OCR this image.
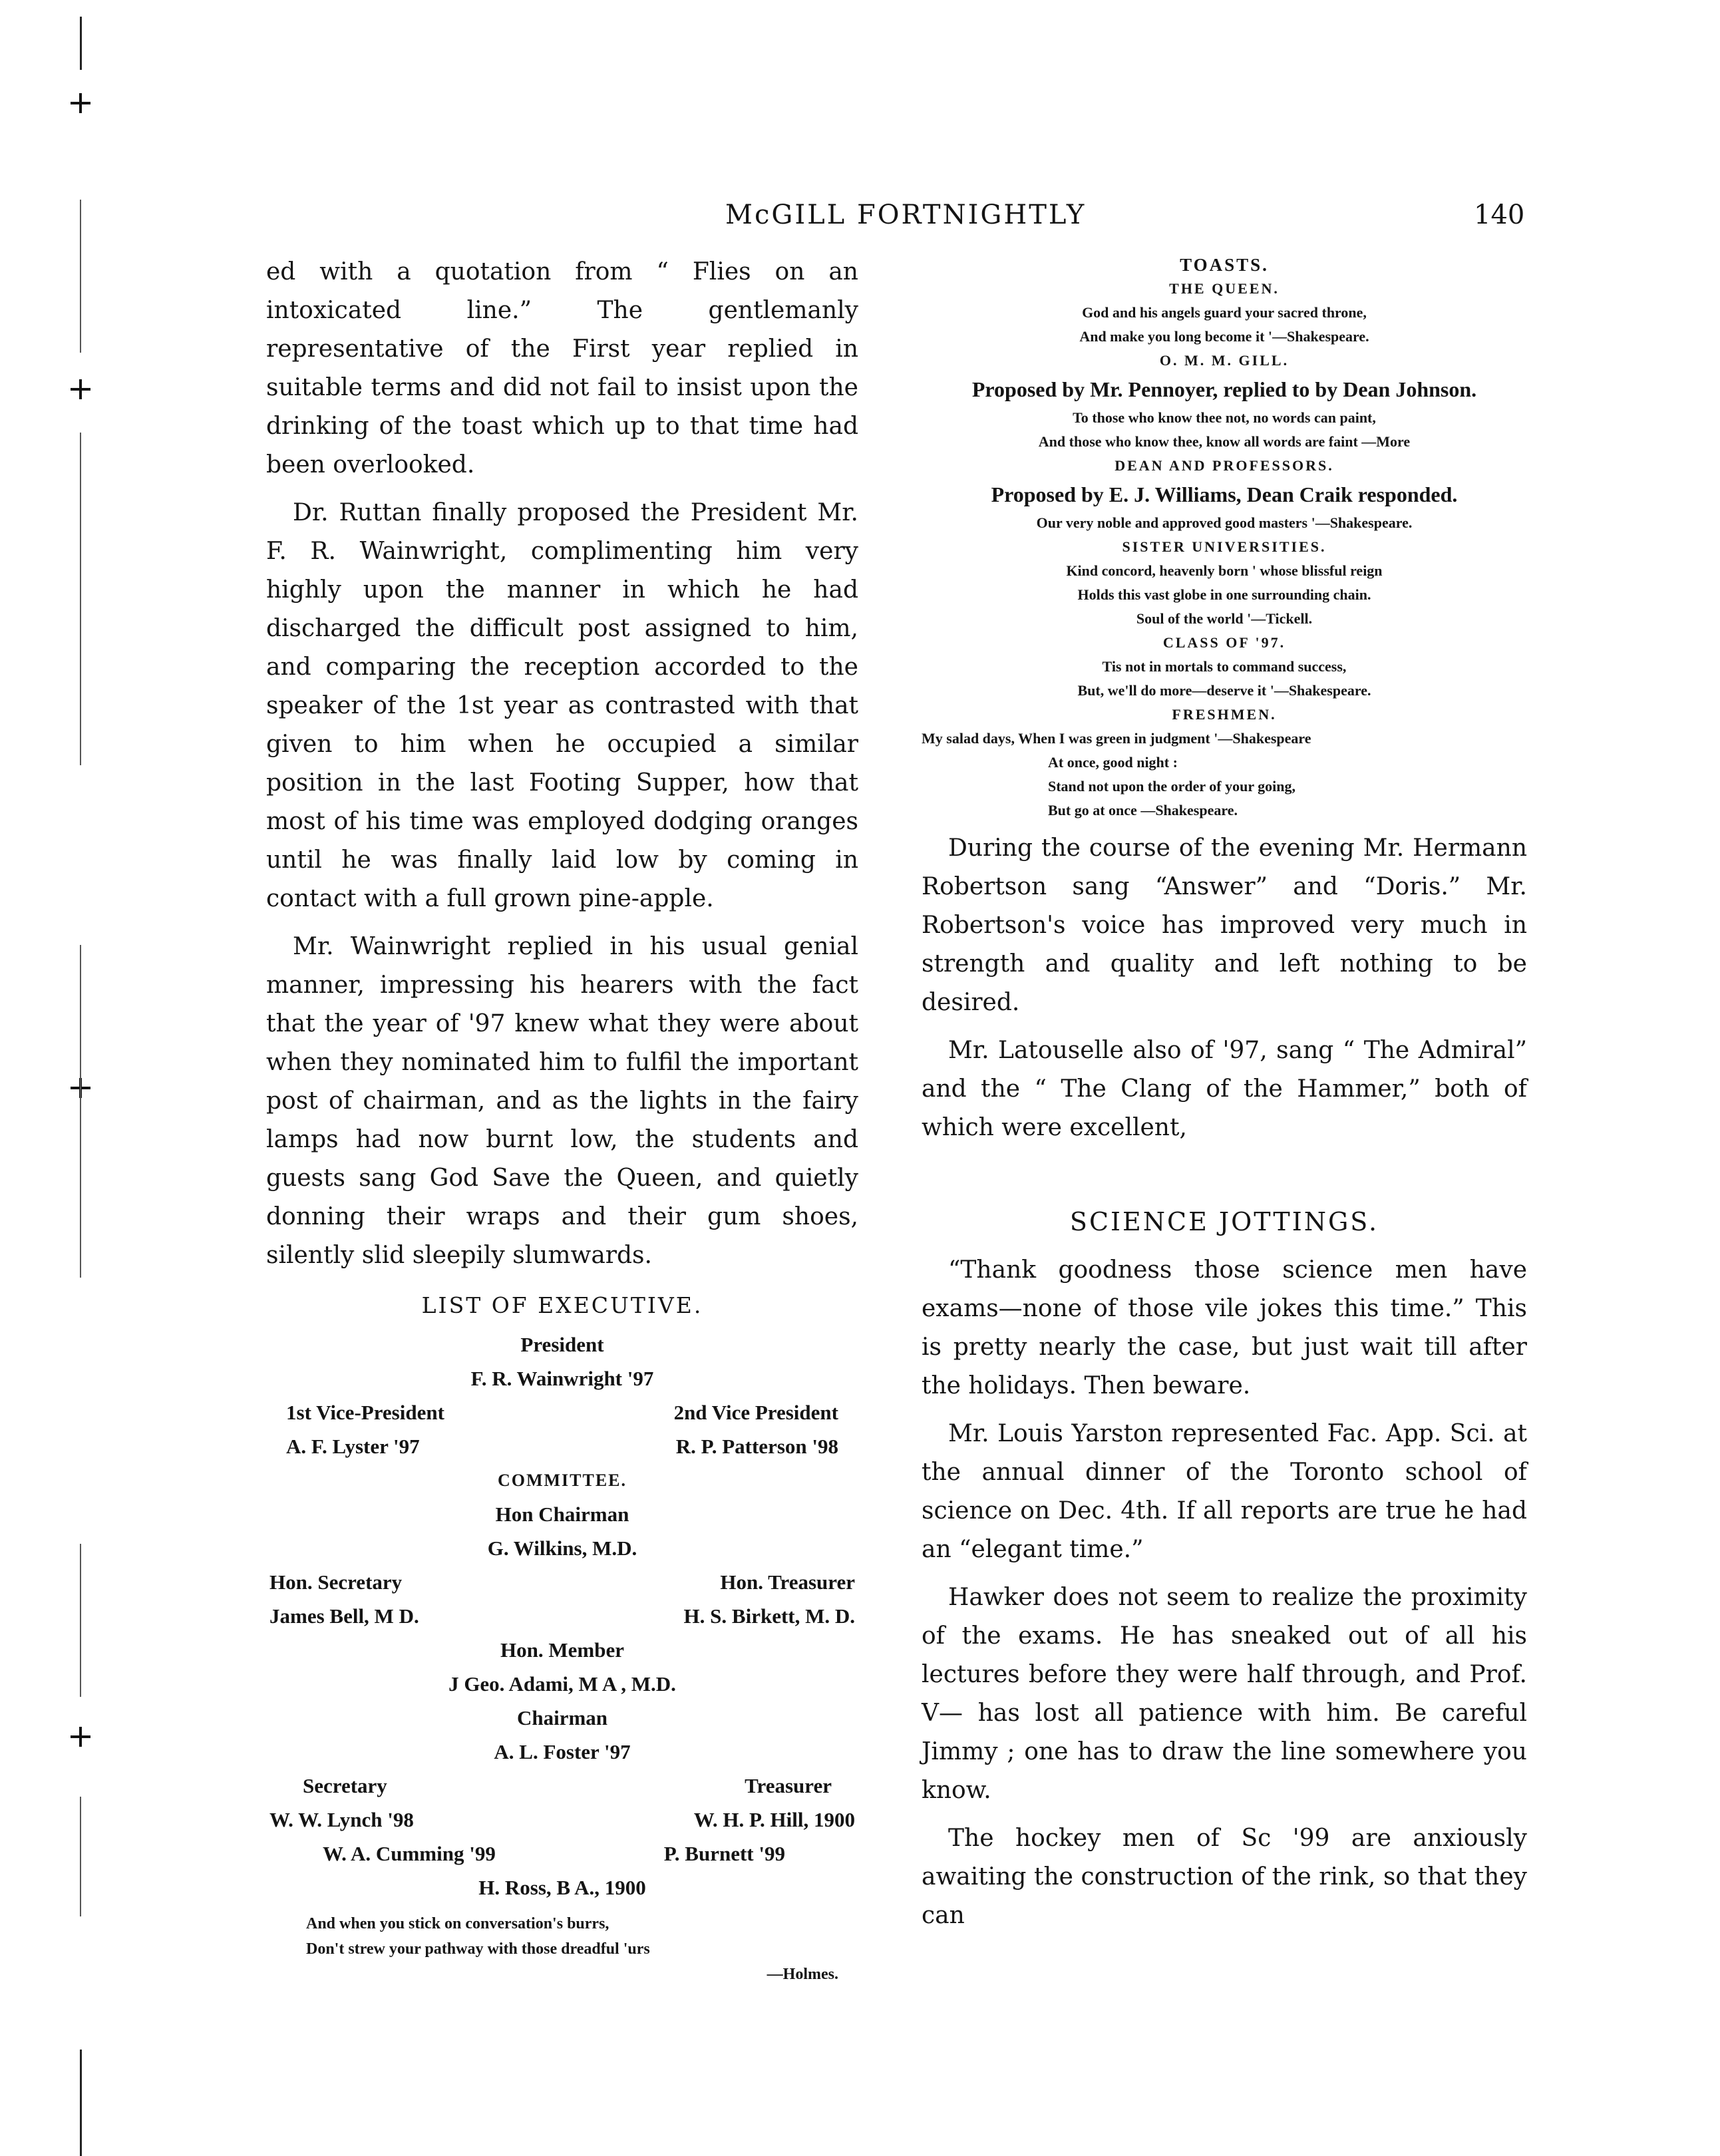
McGILL FORTNIGHTLY	140

ed with a quotation from “ Flies on an intoxicated line.” The gentlemanly representative of the First year replied in suitable terms and did not fail to insist upon the drinking of the toast which up to that time had been overlooked.

Dr. Ruttan finally proposed the President Mr. F. R. Wainwright, complimenting him very highly upon the manner in which he had discharged the difficult post assigned to him, and comparing the reception accorded to the speaker of the 1st year as contrasted with that given to him when he occupied a similar position in the last Footing Supper, how that most of his time was employed dodging oranges until he was finally laid low by coming in contact with a full grown pine-apple.

Mr. Wainwright replied in his usual genial manner, impressing his hearers with the fact that the year of '97 knew what they were about when they nominated him to fulfil the important post of chairman, and as the lights in the fairy lamps had now burnt low, the students and guests sang God Save the Queen, and quietly donning their wraps and their gum shoes, silently slid sleepily slumwards.

LIST OF EXECUTIVE.
President
F. R. Wainwright '97
1st Vice-President	2nd Vice President
A. F. Lyster '97	R. P. Patterson '98
COMMITTEE.
Hon Chairman
G. Wilkins, M.D.
Hon. Secretary	Hon. Treasurer
James Bell, M D.	H. S. Birkett, M. D.
Hon. Member
J Geo. Adami, M A , M.D.
Chairman
A. L. Foster '97
Secretary	Treasurer
W. W. Lynch '98	W. H. P. Hill, 1900
W. A. Cumming '99	P. Burnett '99
H. Ross, B A., 1900
And when you stick on conversation's burrs,
Don't strew your pathway with those dreadful 'urs
—Holmes.
TOASTS.
THE QUEEN.
God and his angels guard your sacred throne,
And make you long become it '—Shakespeare.
O. M. M. GILL.
Proposed by Mr. Pennoyer, replied to by Dean Johnson.
To those who know thee not, no words can paint,
And those who know thee, know all words are faint —More
DEAN AND PROFESSORS.
Proposed by E. J. Williams, Dean Craik responded.
Our very noble and approved good masters '—Shakespeare.
SISTER UNIVERSITIES.
Kind concord, heavenly born ' whose blissful reign
Holds this vast globe in one surrounding chain.
Soul of the world '—Tickell.
CLASS OF '97.
Tis not in mortals to command success,
But, we'll do more—deserve it '—Shakespeare.
FRESHMEN.
My salad days, When I was green in judgment '—Shakespeare
At once, good night :
Stand not upon the order of your going,
But go at once —Shakespeare.

During the course of the evening Mr. Hermann Robertson sang “Answer” and “Doris.” Mr. Robertson's voice has improved very much in strength and quality and left nothing to be desired.

Mr. Latouselle also of '97, sang “ The Admiral” and the “ The Clang of the Hammer,” both of which were excellent,

SCIENCE JOTTINGS.

“Thank goodness those science men have exams—none of those vile jokes this time.” This is pretty nearly the case, but just wait till after the holidays. Then beware.

Mr. Louis Yarston represented Fac. App. Sci. at the annual dinner of the Toronto school of science on Dec. 4th. If all reports are true he had an “elegant time.”

Hawker does not seem to realize the proximity of the exams. He has sneaked out of all his lectures before they were half through, and Prof. V— has lost all patience with him. Be careful Jimmy ; one has to draw the line somewhere you know.

The hockey men of Sc '99 are anxiously awaiting the construction of the rink, so that they can
